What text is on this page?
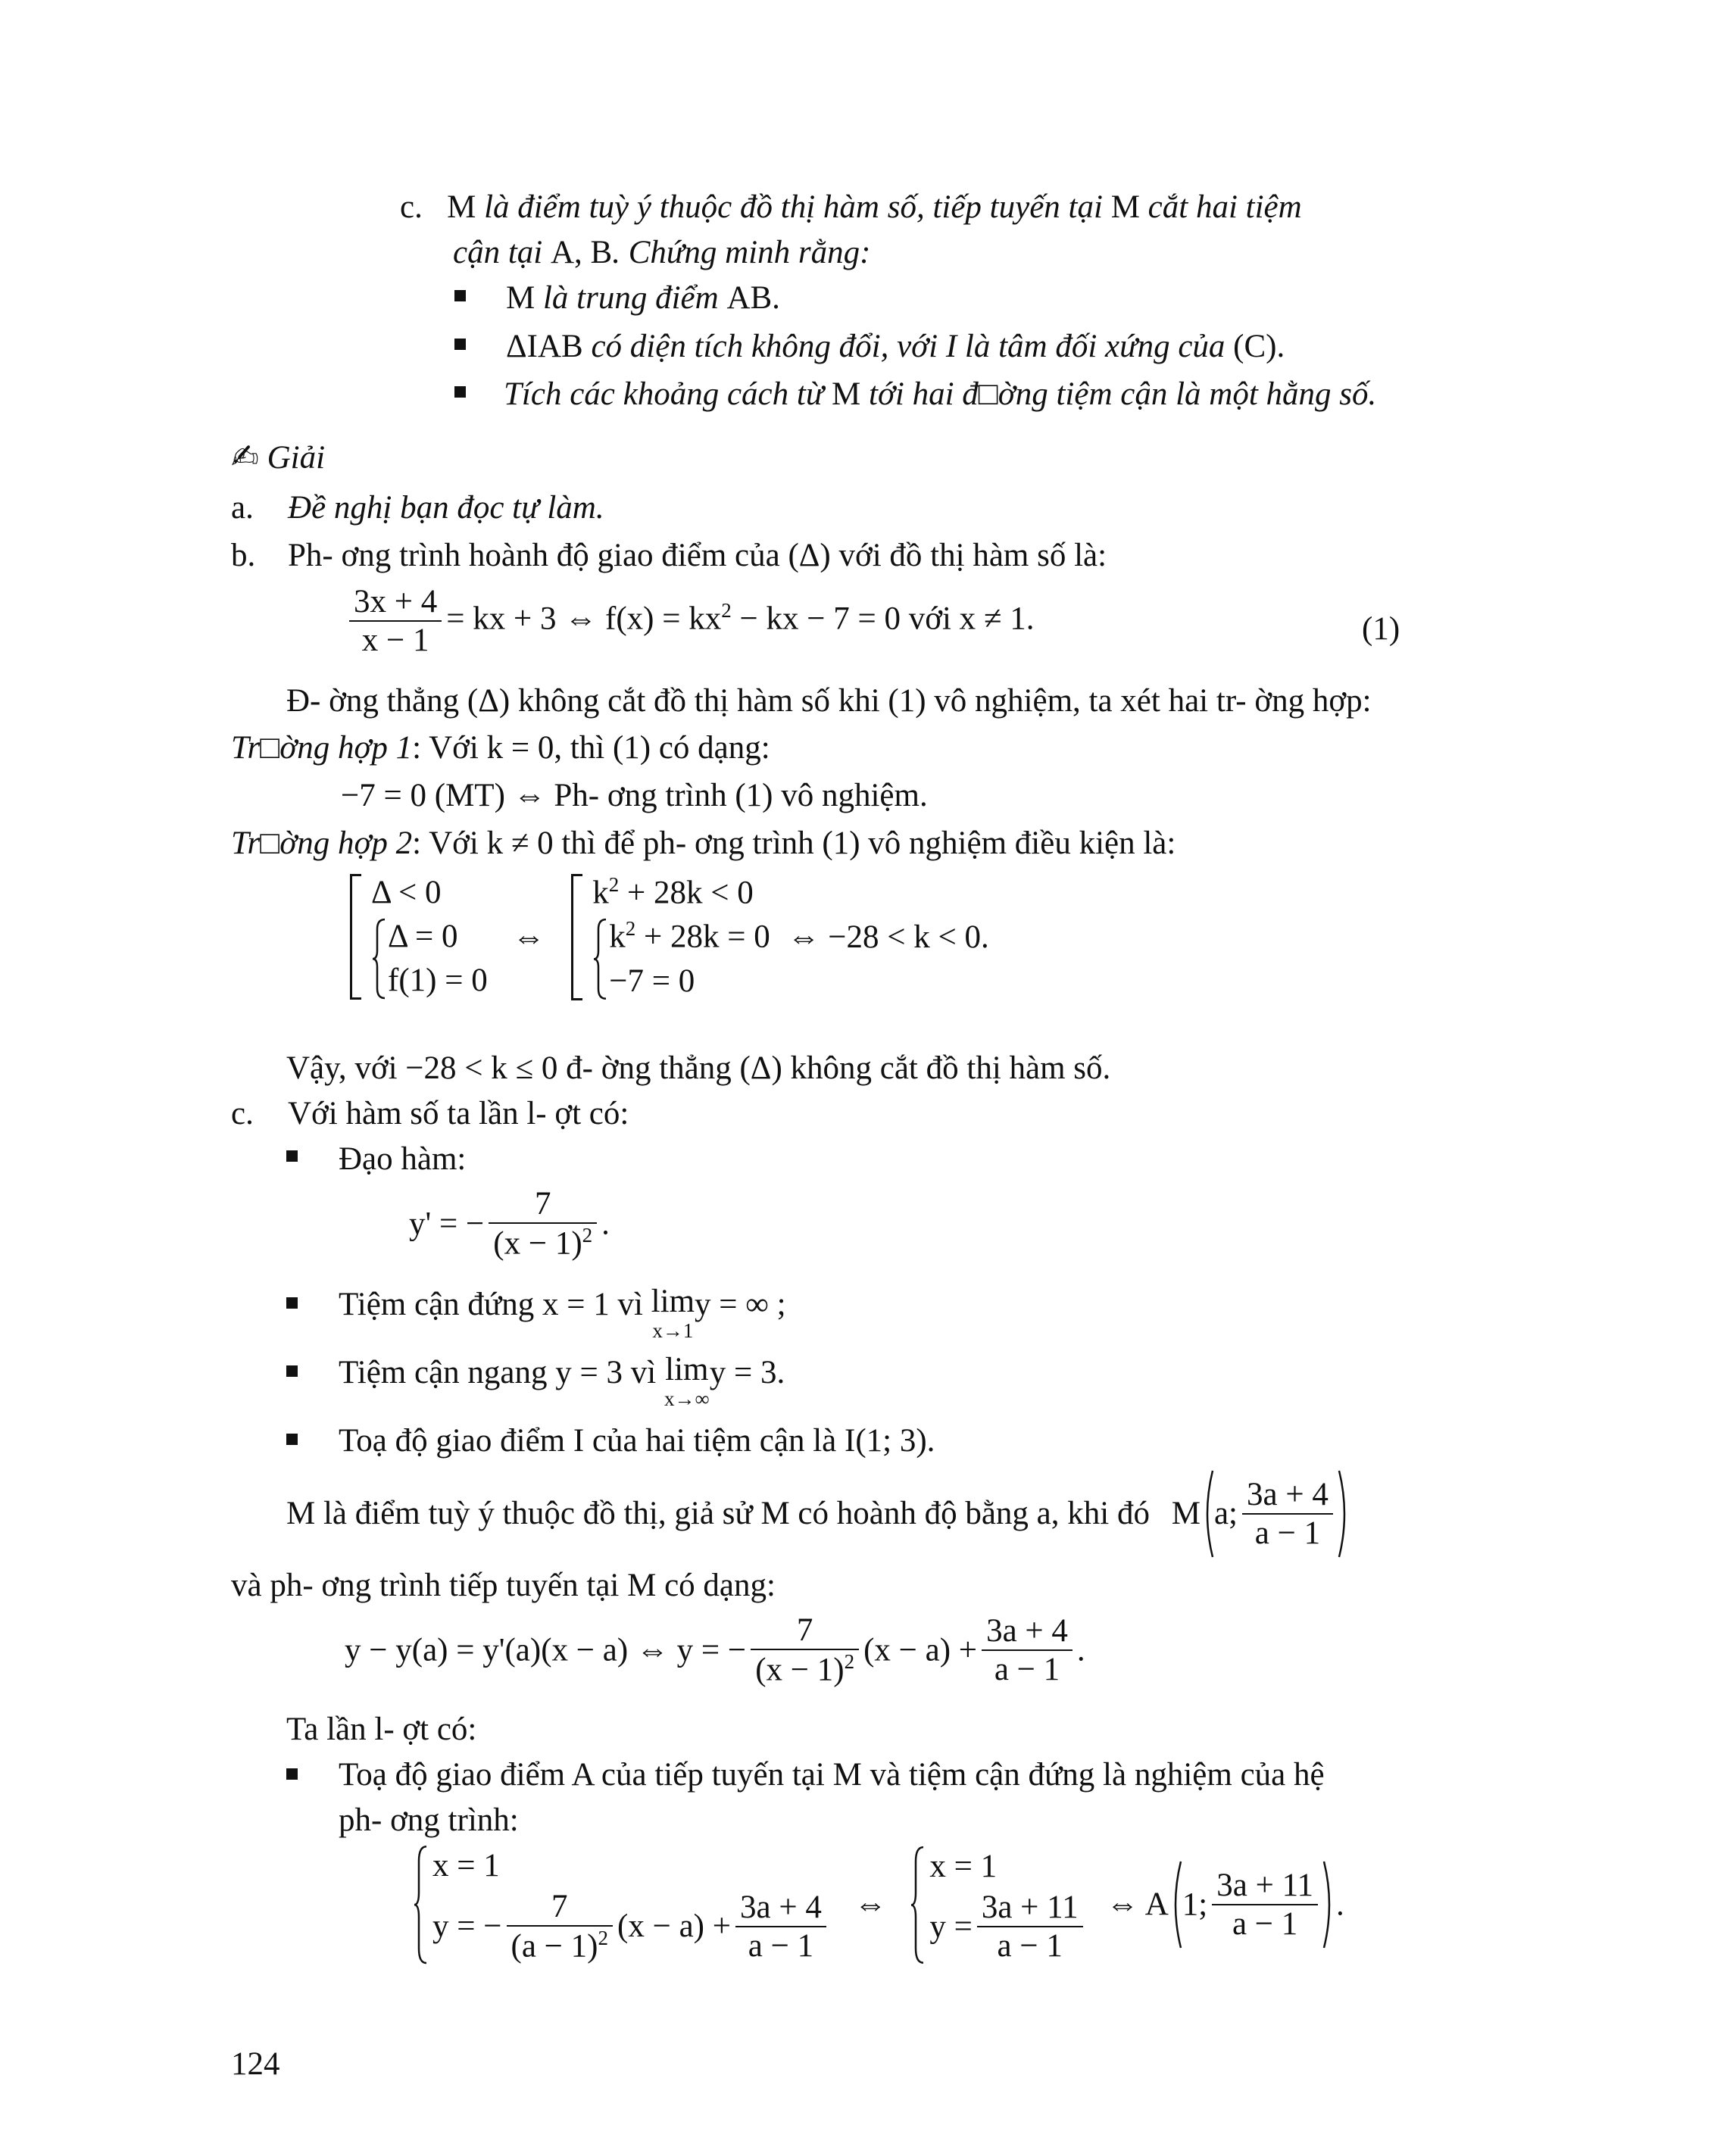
c. M là điểm tuỳ ý thuộc đồ thị hàm số, tiếp tuyến tại M cắt hai tiệm
cận tại A, B. Chứng minh rằng:
M là trung điểm AB.
ΔIAB có diện tích không đổi, với I là tâm đối xứng của (C).
Tích các khoảng cách từ M tới hai đ□ờng tiệm cận là một hằng số.
✍ Giải
a. Đề nghị bạn đọc tự làm.
b. Ph- ơng trình hoành độ giao điểm của (Δ) với đồ thị hàm số là:
$\frac{3x + 4}{x - 1}$ = kx + 3 ⇔ $f(x) = kx^2$ − kx − 7 = 0 với x ≠ 1.	(1)
Đ- ờng thẳng (Δ) không cắt đồ thị hàm số khi (1) vô nghiệm, ta xét hai tr- ờng hợp:
Tr□ờng hợp 1: Với k = 0, thì (1) có dạng:
−7 = 0 (MT) ⇔ Ph- ơng trình (1) vô nghiệm.
Tr□ờng hợp 2: Với k ≠ 0 thì để ph- ơng trình (1) vô nghiệm điều kiện là:
Δ < 0
Δ = 0
f(1) = 0
⇔
$k^2 + 28k < 0$
$k^2 + 28k = 0$
−7 = 0
⇔ −28 < k < 0.
Vậy, với −28 < k ≤ 0 đ- ờng thẳng (Δ) không cắt đồ thị hàm số.
c. Với hàm số ta lần l- ợt có:
Đạo hàm:
y' = − $\frac{7}{(x - 1)^2}$ .
Tiệm cận đứng x = 1 vì lim
x→1
y = ∞ ;
Tiệm cận ngang y = 3 vì lim
x→∞
y = 3.
Toạ độ giao điểm I của hai tiệm cận là I(1; 3).
M là điểm tuỳ ý thuộc đồ thị, giả sử M có hoành độ bằng a, khi đó M a; $\frac{3a + 4}{a - 1}$
và ph- ơng trình tiếp tuyến tại M có dạng:
y − y(a) = y'(a)(x − a) ⇔ y = − $\frac{7}{(x - 1)^2} (x - a) + \frac{3a + 4}{a - 1}$ .
Ta lần l- ợt có:
Toạ độ giao điểm A của tiếp tuyến tại M và tiệm cận đứng là nghiệm của hệ
ph- ơng trình:
x = 1
y = − $\frac{7}{(a - 1)^2} (x - a) + \frac{3a + 4}{a - 1}$ ⇔
x = 1
$y = \frac{3a + 11}{a - 1}$ ⇔ A 1; $\frac{3a + 11}{a - 1}$ .
124
